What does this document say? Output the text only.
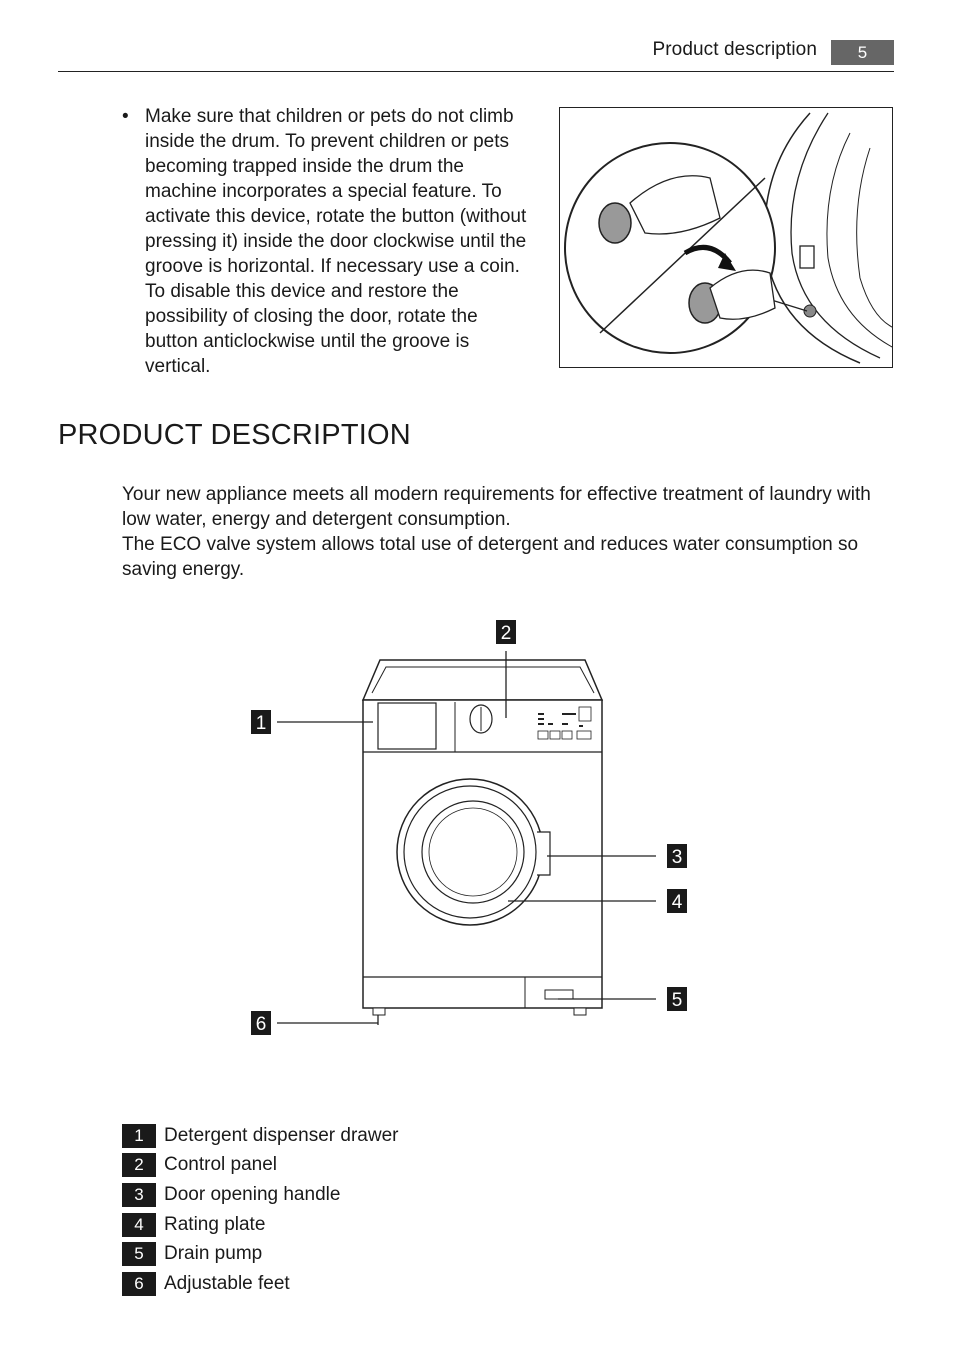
Product description	5
• Make sure that children or pets do not climb inside the drum. To prevent children or pets becoming trapped inside the drum the machine incorporates a special feature. To activate this device, rotate the button (without pressing it) inside the door clockwise until the groove is horizontal. If necessary use a coin. To disable this device and restore the possibility of closing the door, rotate the button anticlockwise until the groove is vertical.
PRODUCT DESCRIPTION

Your new appliance meets all modern requirements for effective treatment of laundry with low water, energy and detergent consumption.

The ECO valve system allows total use of detergent and reduces water consumption so saving energy.

1
2
3
4
5
6
1	Detergent dispenser drawer
2	Control panel
3	Door opening handle
4	Rating plate
5	Drain pump
6	Adjustable feet
